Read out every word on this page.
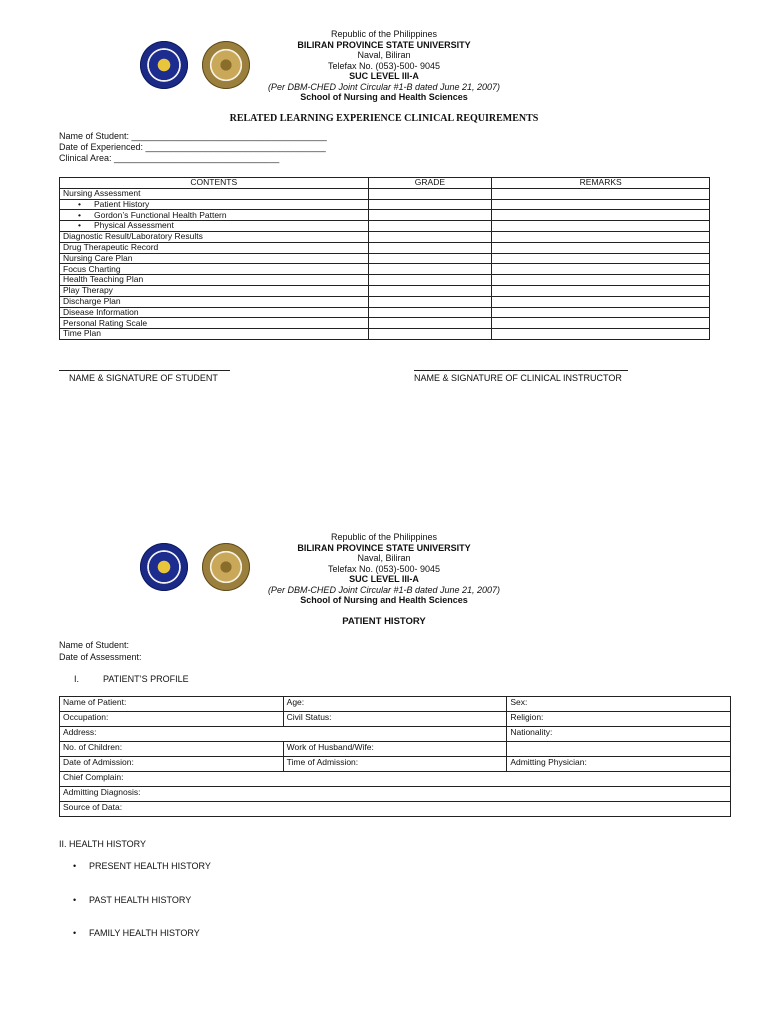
Republic of the Philippines
BILIRAN PROVINCE STATE UNIVERSITY
Naval, Biliran
Telefax No. (053)-500- 9045
SUC LEVEL III-A
(Per DBM-CHED Joint Circular #1-B dated June 21, 2007)
School of Nursing and Health Sciences
RELATED LEARNING EXPERIENCE CLINICAL REQUIREMENTS
Name of Student: _______________________________________
Date of Experienced: ____________________________________
Clinical Area: _________________________________
CONTENTS	GRADE	REMARKS
Nursing Assessment		
• Patient History		
• Gordon’s Functional Health Pattern		
• Physical Assessment		
Diagnostic Result/Laboratory Results		
Drug Therapeutic Record		
Nursing Care Plan		
Focus Charting		
Health Teaching Plan		
Play Therapy		
Discharge Plan		
Disease Information		
Personal Rating Scale		
Time Plan		
NAME & SIGNATURE OF STUDENT	NAME & SIGNATURE OF CLINICAL INSTRUCTOR
Republic of the Philippines
BILIRAN PROVINCE STATE UNIVERSITY
Naval, Biliran
Telefax No. (053)-500- 9045
SUC LEVEL III-A
(Per DBM-CHED Joint Circular #1-B dated June 21, 2007)
School of Nursing and Health Sciences
PATIENT HISTORY
Name of Student:
Date of Assessment:
I.	PATIENT’S PROFILE
Name of Patient:	Age:	Sex:
Occupation:	Civil Status:	Religion:
Address:		Nationality:
No. of Children:	Work of Husband/Wife:	
Date of Admission:	Time of Admission:	Admitting Physician:
Chief Complain:		
Admitting Diagnosis:		
Source of Data:		
II. HEALTH HISTORY
• PRESENT HEALTH HISTORY
• PAST HEALTH HISTORY
• FAMILY HEALTH HISTORY
